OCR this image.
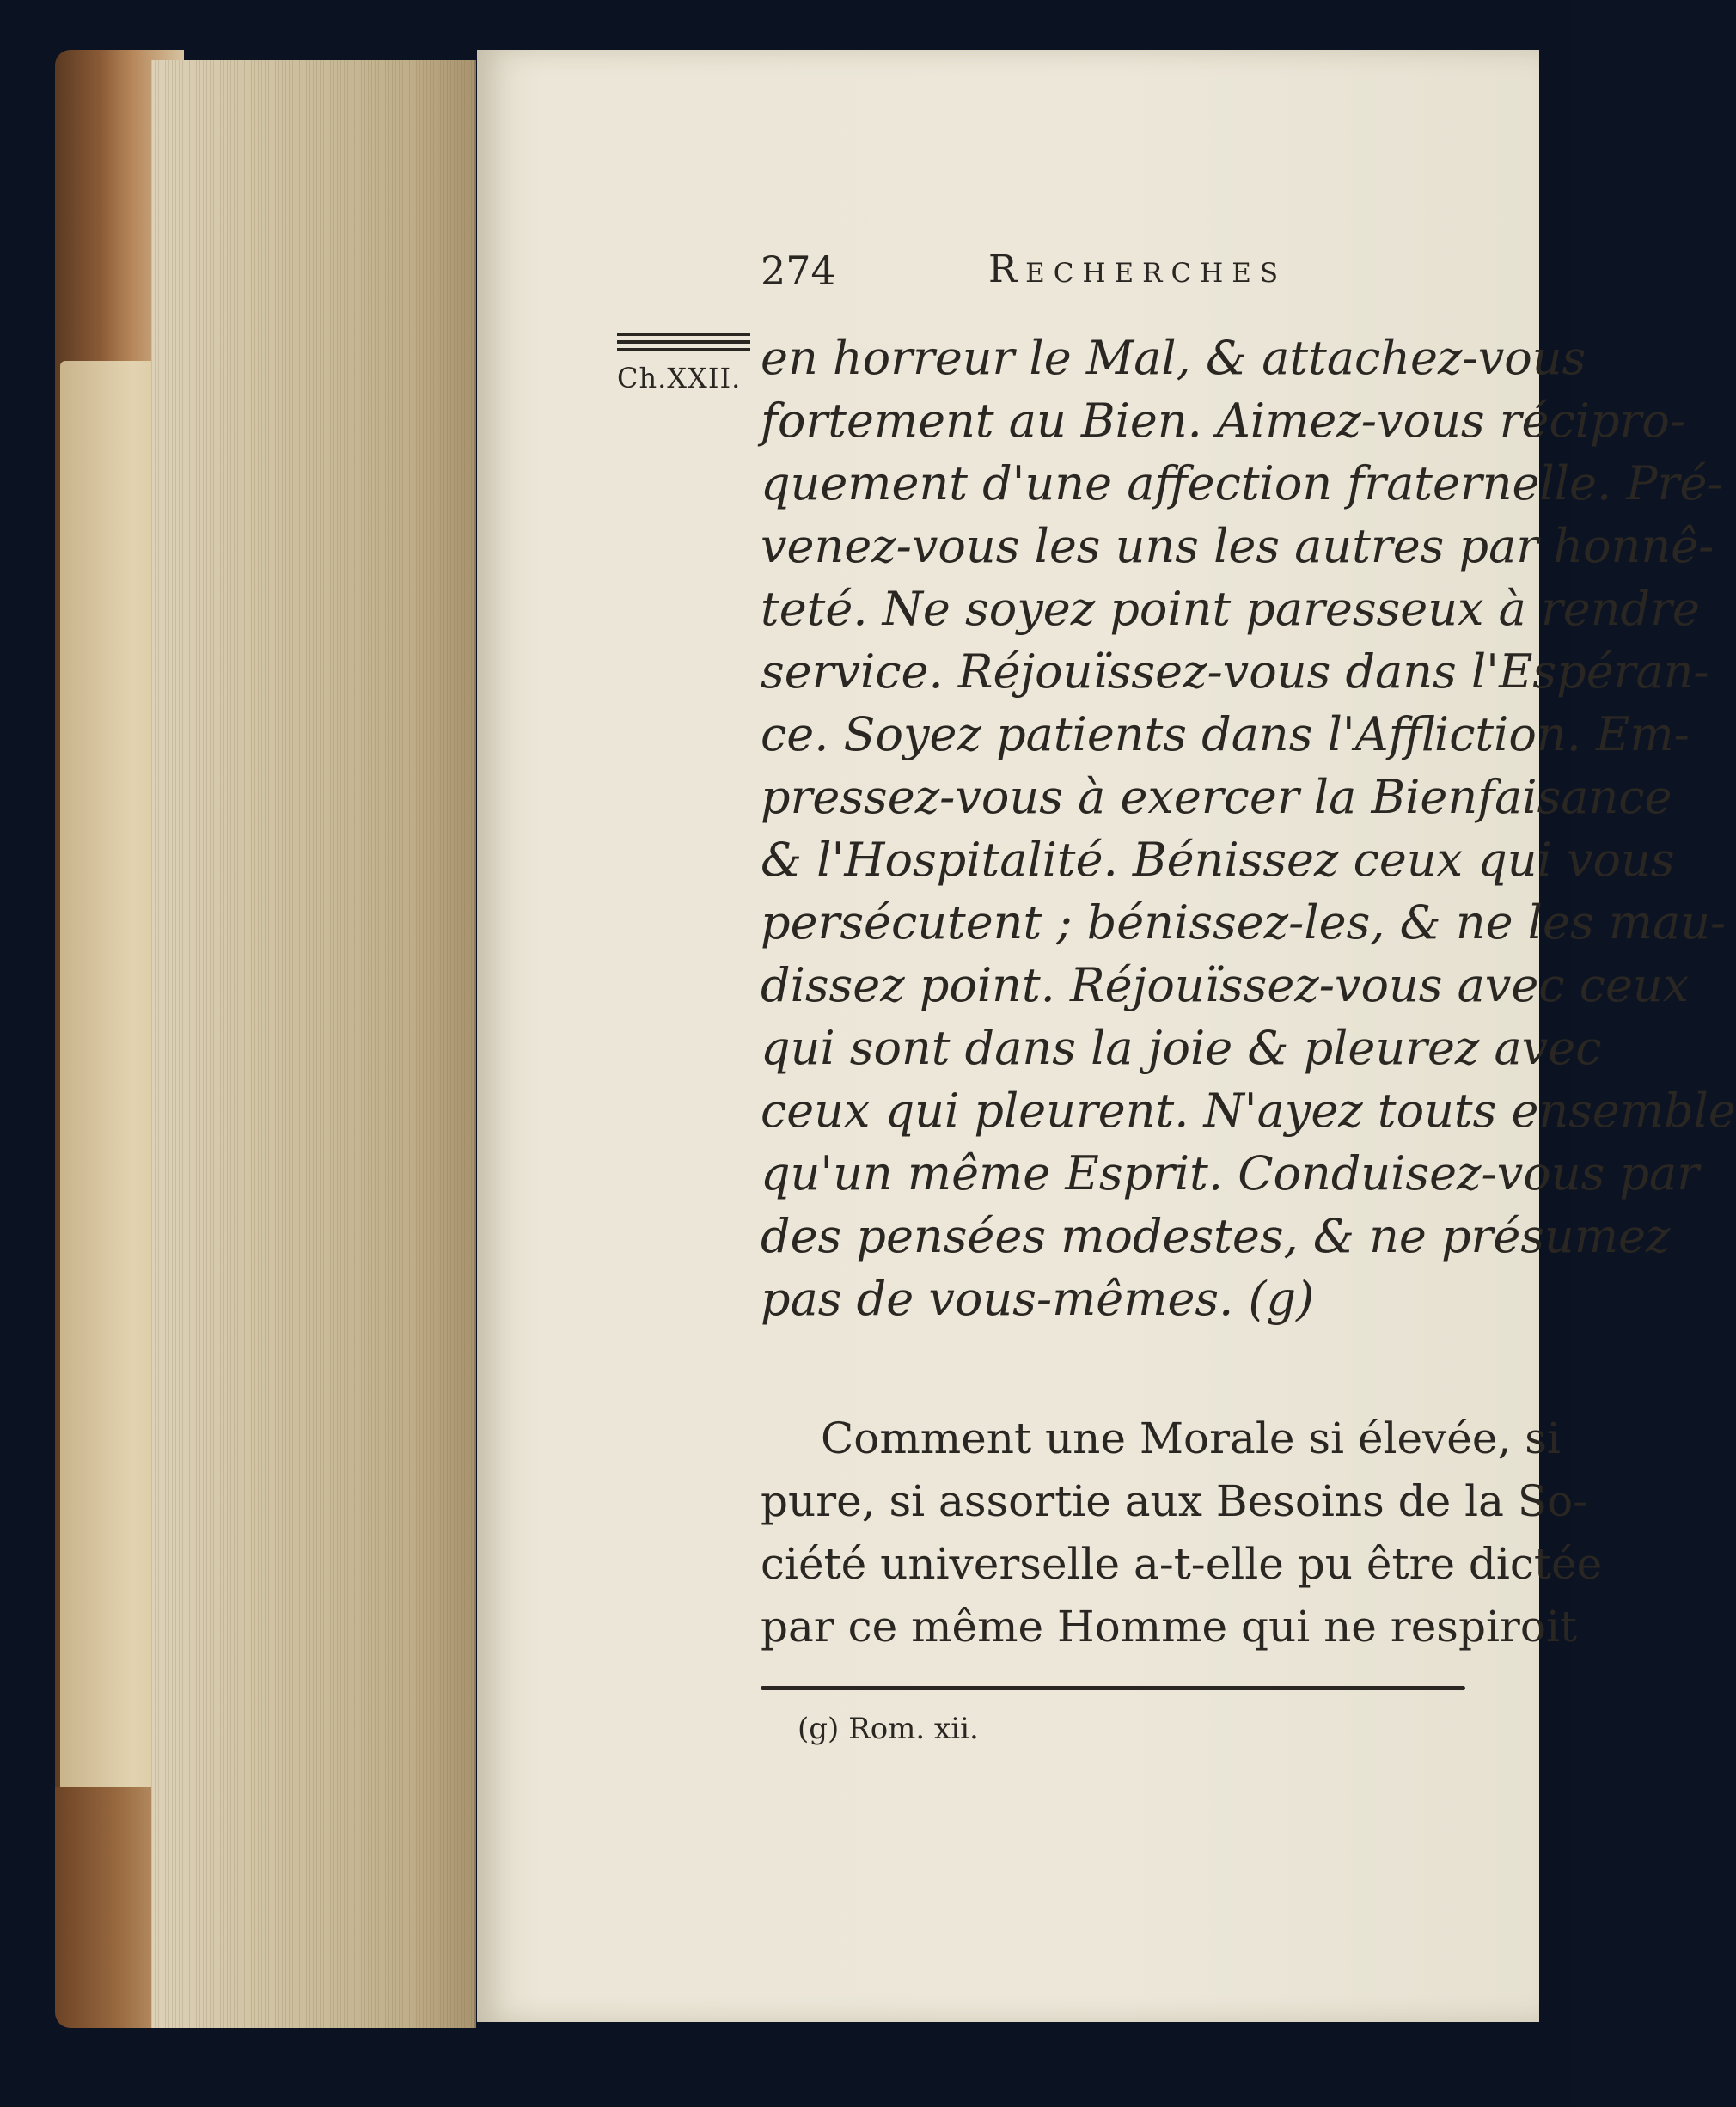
274	Recherches
Ch.XXII. en horreur le Mal, & attachez-vous
fortement au Bien. Aimez-vous récipro-
quement d'une affection fraternelle. Pré-
venez-vous les uns les autres par honnê-
teté. Ne soyez point paresseux à rendre
service. Réjouïssez-vous dans l'Espéran-
ce. Soyez patients dans l'Affliction. Em-
pressez-vous à exercer la Bienfaisance
& l'Hospitalité. Bénissez ceux qui vous
persécutent ; bénissez-les, & ne les mau-
dissez point. Réjouïssez-vous avec ceux
qui sont dans la joie & pleurez avec
ceux qui pleurent. N'ayez touts ensemble
qu'un même Esprit. Conduisez-vous par
des pensées modestes, & ne présumez
pas de vous-mêmes. (g)
Comment une Morale si élevée, si
pure, si assortie aux Besoins de la So-
ciété universelle a-t-elle pu être dictée
par ce même Homme qui ne respiroit
(g) Rom. xii.
